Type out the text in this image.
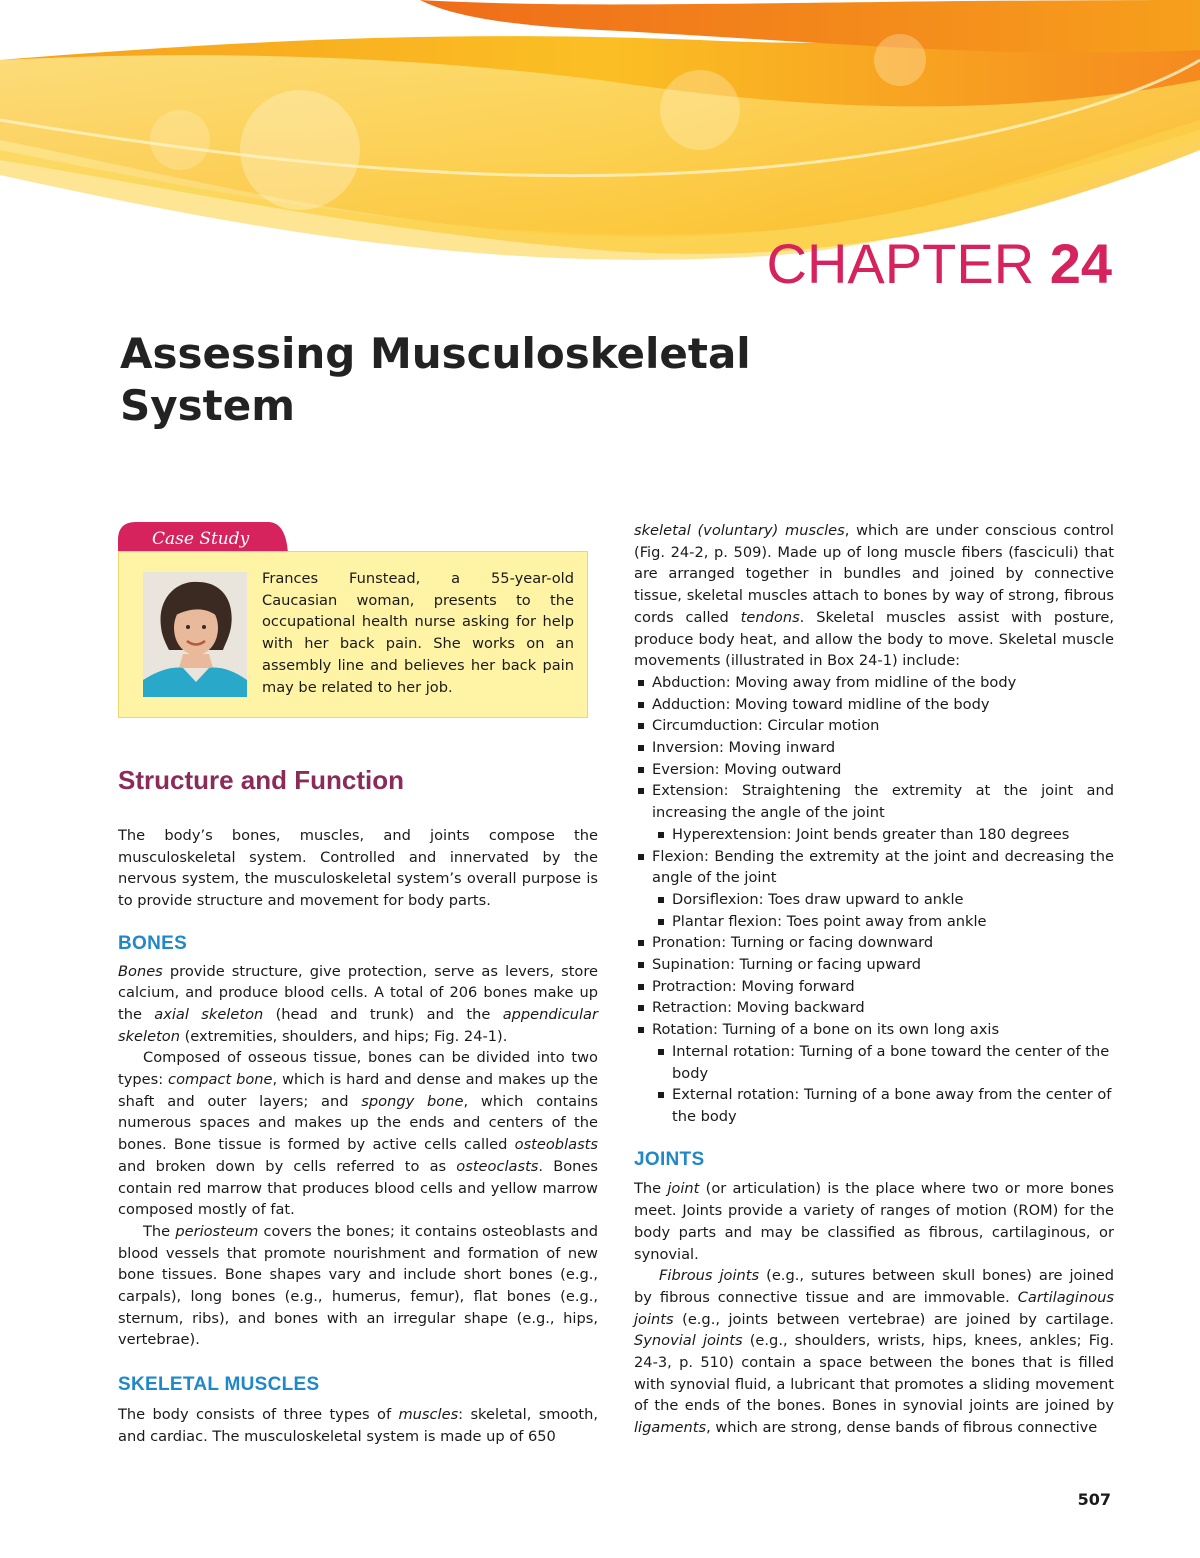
CHAPTER 24
Assessing Musculoskeletal
System
Case Study
Frances Funstead, a 55-year-old Caucasian woman, presents to the occupational health nurse asking for help with her back pain. She works on an assembly line and believes her back pain may be related to her job.
Structure and Function

The body’s bones, muscles, and joints compose the musculoskeletal system. Controlled and innervated by the nervous system, the musculoskeletal system’s overall purpose is to provide structure and movement for body parts.

BONES

Bones provide structure, give protection, serve as levers, store calcium, and produce blood cells. A total of 206 bones make up the axial skeleton (head and trunk) and the appendicular skeleton (extremities, shoulders, and hips; Fig. 24-1).

Composed of osseous tissue, bones can be divided into two types: compact bone, which is hard and dense and makes up the shaft and outer layers; and spongy bone, which contains numerous spaces and makes up the ends and centers of the bones. Bone tissue is formed by active cells called osteoblasts and broken down by cells referred to as osteoclasts. Bones contain red marrow that produces blood cells and yellow marrow composed mostly of fat.

The periosteum covers the bones; it contains osteoblasts and blood vessels that promote nourishment and formation of new bone tissues. Bone shapes vary and include short bones (e.g., carpals), long bones (e.g., humerus, femur), flat bones (e.g., sternum, ribs), and bones with an irregular shape (e.g., hips, vertebrae).

SKELETAL MUSCLES

The body consists of three types of muscles: skeletal, smooth, and cardiac. The musculoskeletal system is made up of 650

skeletal (voluntary) muscles, which are under conscious control (Fig. 24-2, p. 509). Made up of long muscle fibers (fasciculi) that are arranged together in bundles and joined by connective tissue, skeletal muscles attach to bones by way of strong, fibrous cords called tendons. Skeletal muscles assist with posture, produce body heat, and allow the body to move. Skeletal muscle movements (illustrated in Box 24-1) include:

Abduction: Moving away from midline of the body
Adduction: Moving toward midline of the body
Circumduction: Circular motion
Inversion: Moving inward
Eversion: Moving outward
Extension: Straightening the extremity at the joint and increasing the angle of the joint
Hyperextension: Joint bends greater than 180 degrees
Flexion: Bending the extremity at the joint and decreasing the angle of the joint
Dorsiflexion: Toes draw upward to ankle
Plantar flexion: Toes point away from ankle
Pronation: Turning or facing downward
Supination: Turning or facing upward
Protraction: Moving forward
Retraction: Moving backward
Rotation: Turning of a bone on its own long axis
Internal rotation: Turning of a bone toward the center of the body
External rotation: Turning of a bone away from the center of the body
JOINTS

The joint (or articulation) is the place where two or more bones meet. Joints provide a variety of ranges of motion (ROM) for the body parts and may be classified as fibrous, cartilaginous, or synovial.

Fibrous joints (e.g., sutures between skull bones) are joined by fibrous connective tissue and are immovable. Cartilaginous joints (e.g., joints between vertebrae) are joined by cartilage. Synovial joints (e.g., shoulders, wrists, hips, knees, ankles; Fig. 24-3, p. 510) contain a space between the bones that is filled with synovial fluid, a lubricant that promotes a sliding movement of the ends of the bones. Bones in synovial joints are joined by ligaments, which are strong, dense bands of fibrous connective

507
